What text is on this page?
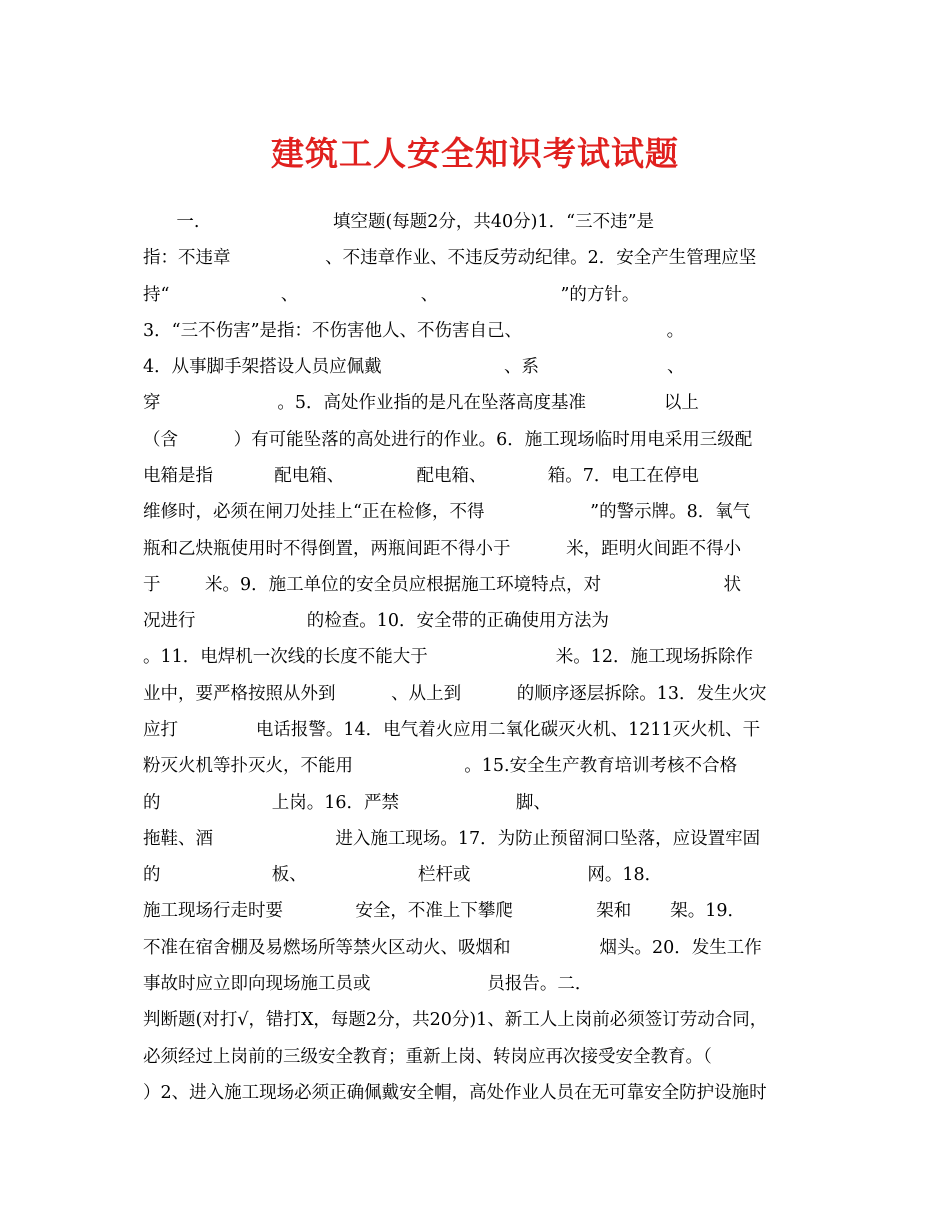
建筑工人安全知识考试试题
一.                        填空题(每题2分，共40分)1．“三不违”是
指：不违章                 、不违章作业、不违反劳动纪律。2．安全产生管理应坚
持“                    、                      、                      ”的方针。
3．“三不伤害”是指：不伤害他人、不伤害自己、                          。
4．从事脚手架搭设人员应佩戴                      、系                       、
穿                     。5．高处作业指的是凡在坠落高度基准              以上
（含          ）有可能坠落的高处进行的作业。6．施工现场临时用电采用三级配
电箱是指           配电箱、             配电箱、           箱。7．电工在停电
维修时，必须在闸刀处挂上“正在检修，不得                   ”的警示牌。8．氧气
瓶和乙炔瓶使用时不得倒置，两瓶间距不得小于          米，距明火间距不得小
于        米。9．施工单位的安全员应根据施工环境特点，对                      状
况进行                    的检查。10．安全带的正确使用方法为
。11．电焊机一次线的长度不能大于                       米。12．施工现场拆除作
业中，要严格按照从外到          、从上到          的顺序逐层拆除。13．发生火灾
应打              电话报警。14．电气着火应用二氧化碳灭火机、1211灭火机、干
粉灭火机等扑灭火，不能用                    。15.安全生产教育培训考核不合格
的                    上岗。16．严禁                     脚、
拖鞋、酒                      进入施工现场。17．为防止预留洞口坠落，应设置牢固
的                    板、                    栏杆或                     网。18．
施工现场行走时要             安全，不准上下攀爬               架和       架。19．
不准在宿舍棚及易燃场所等禁火区动火、吸烟和                烟头。20．发生工作
事故时应立即向现场施工员或                     员报告。二．
判断题(对打√，错打X，每题2分，共20分)1、新工人上岗前必须签订劳动合同，
必须经过上岗前的三级安全教育；重新上岗、转岗应再次接受安全教育。（
）2、进入施工现场必须正确佩戴安全帽，高处作业人员在无可靠安全防护设施时
